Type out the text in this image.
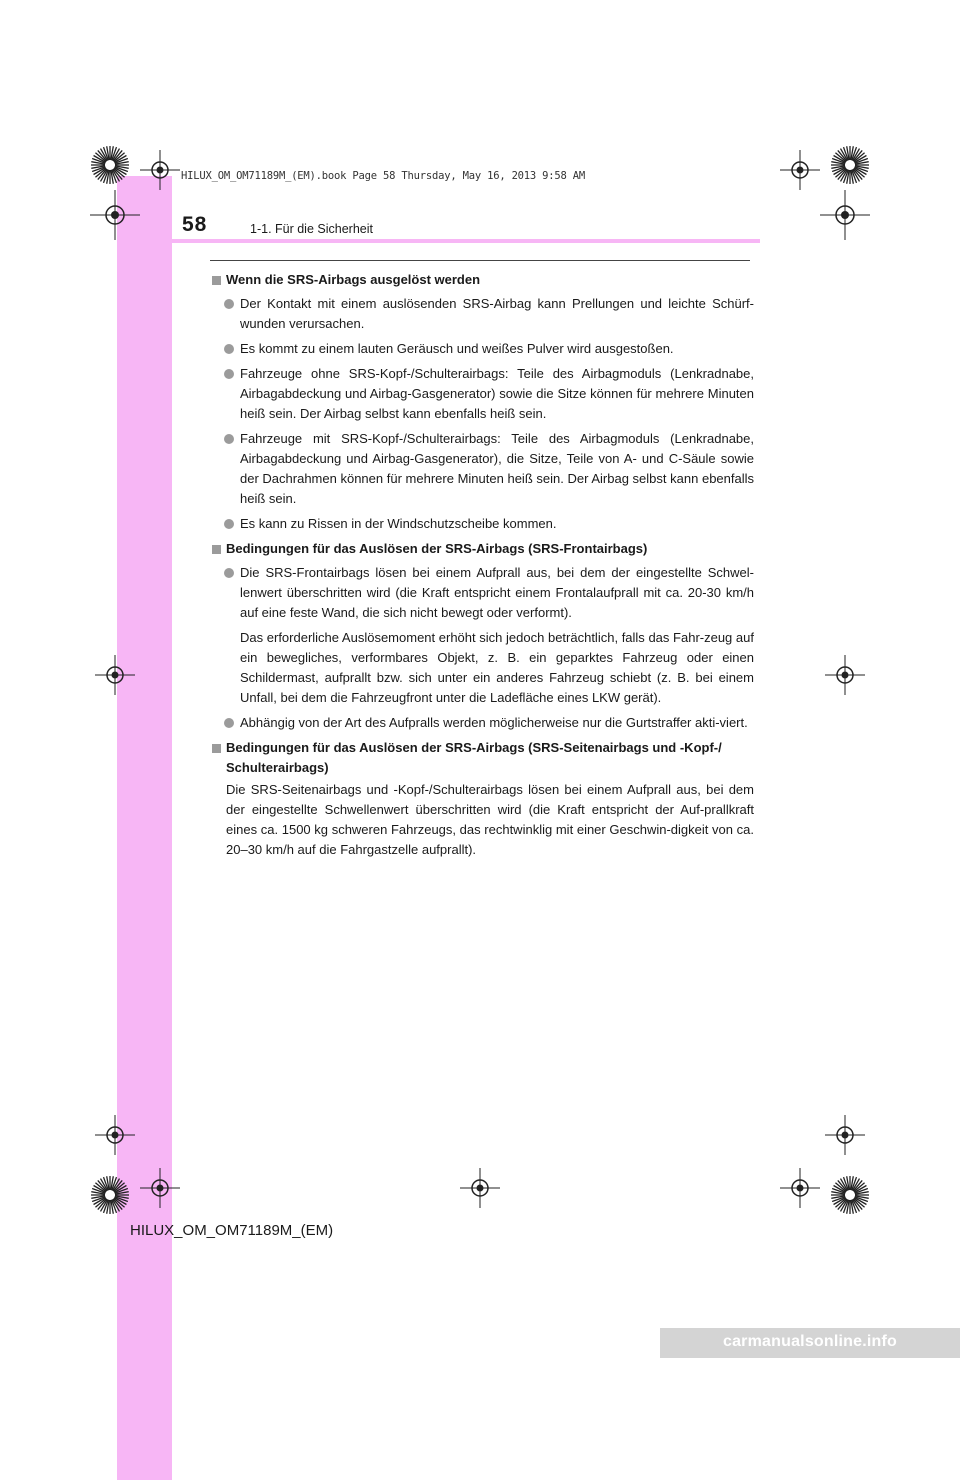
HILUX_OM_OM71189M_(EM).book Page 58 Thursday, May 16, 2013 9:58 AM
58	1-1. Für die Sicherheit
Wenn die SRS-Airbags ausgelöst werden
Der Kontakt mit einem auslösenden SRS-Airbag kann Prellungen und leichte Schürf-wunden verursachen.
Es kommt zu einem lauten Geräusch und weißes Pulver wird ausgestoßen.
Fahrzeuge ohne SRS-Kopf-/Schulterairbags: Teile des Airbagmoduls (Lenkradnabe, Airbagabdeckung und Airbag-Gasgenerator) sowie die Sitze können für mehrere Minuten heiß sein. Der Airbag selbst kann ebenfalls heiß sein.
Fahrzeuge mit SRS-Kopf-/Schulterairbags: Teile des Airbagmoduls (Lenkradnabe, Airbagabdeckung und Airbag-Gasgenerator), die Sitze, Teile von A- und C-Säule sowie der Dachrahmen können für mehrere Minuten heiß sein. Der Airbag selbst kann ebenfalls heiß sein.
Es kann zu Rissen in der Windschutzscheibe kommen.
Bedingungen für das Auslösen der SRS-Airbags (SRS-Frontairbags)
Die SRS-Frontairbags lösen bei einem Aufprall aus, bei dem der eingestellte Schwel-lenwert überschritten wird (die Kraft entspricht einem Frontalaufprall mit ca. 20-30 km/h auf eine feste Wand, die sich nicht bewegt oder verformt).
Das erforderliche Auslösemoment erhöht sich jedoch beträchtlich, falls das Fahr-zeug auf ein bewegliches, verformbares Objekt, z. B. ein geparktes Fahrzeug oder einen Schildermast, aufprallt bzw. sich unter ein anderes Fahrzeug schiebt (z. B. bei einem Unfall, bei dem die Fahrzeugfront unter die Ladefläche eines LKW gerät).
Abhängig von der Art des Aufpralls werden möglicherweise nur die Gurtstraffer akti-viert.
Bedingungen für das Auslösen der SRS-Airbags (SRS-Seitenairbags und -Kopf-/ Schulterairbags)
Die SRS-Seitenairbags und -Kopf-/Schulterairbags lösen bei einem Aufprall aus, bei dem der eingestellte Schwellenwert überschritten wird (die Kraft entspricht der Auf-prallkraft eines ca. 1500 kg schweren Fahrzeugs, das rechtwinklig mit einer Geschwin-digkeit von ca. 20–30 km/h auf die Fahrgastzelle aufprallt).
HILUX_OM_OM71189M_(EM)
carmanualsonline.info
